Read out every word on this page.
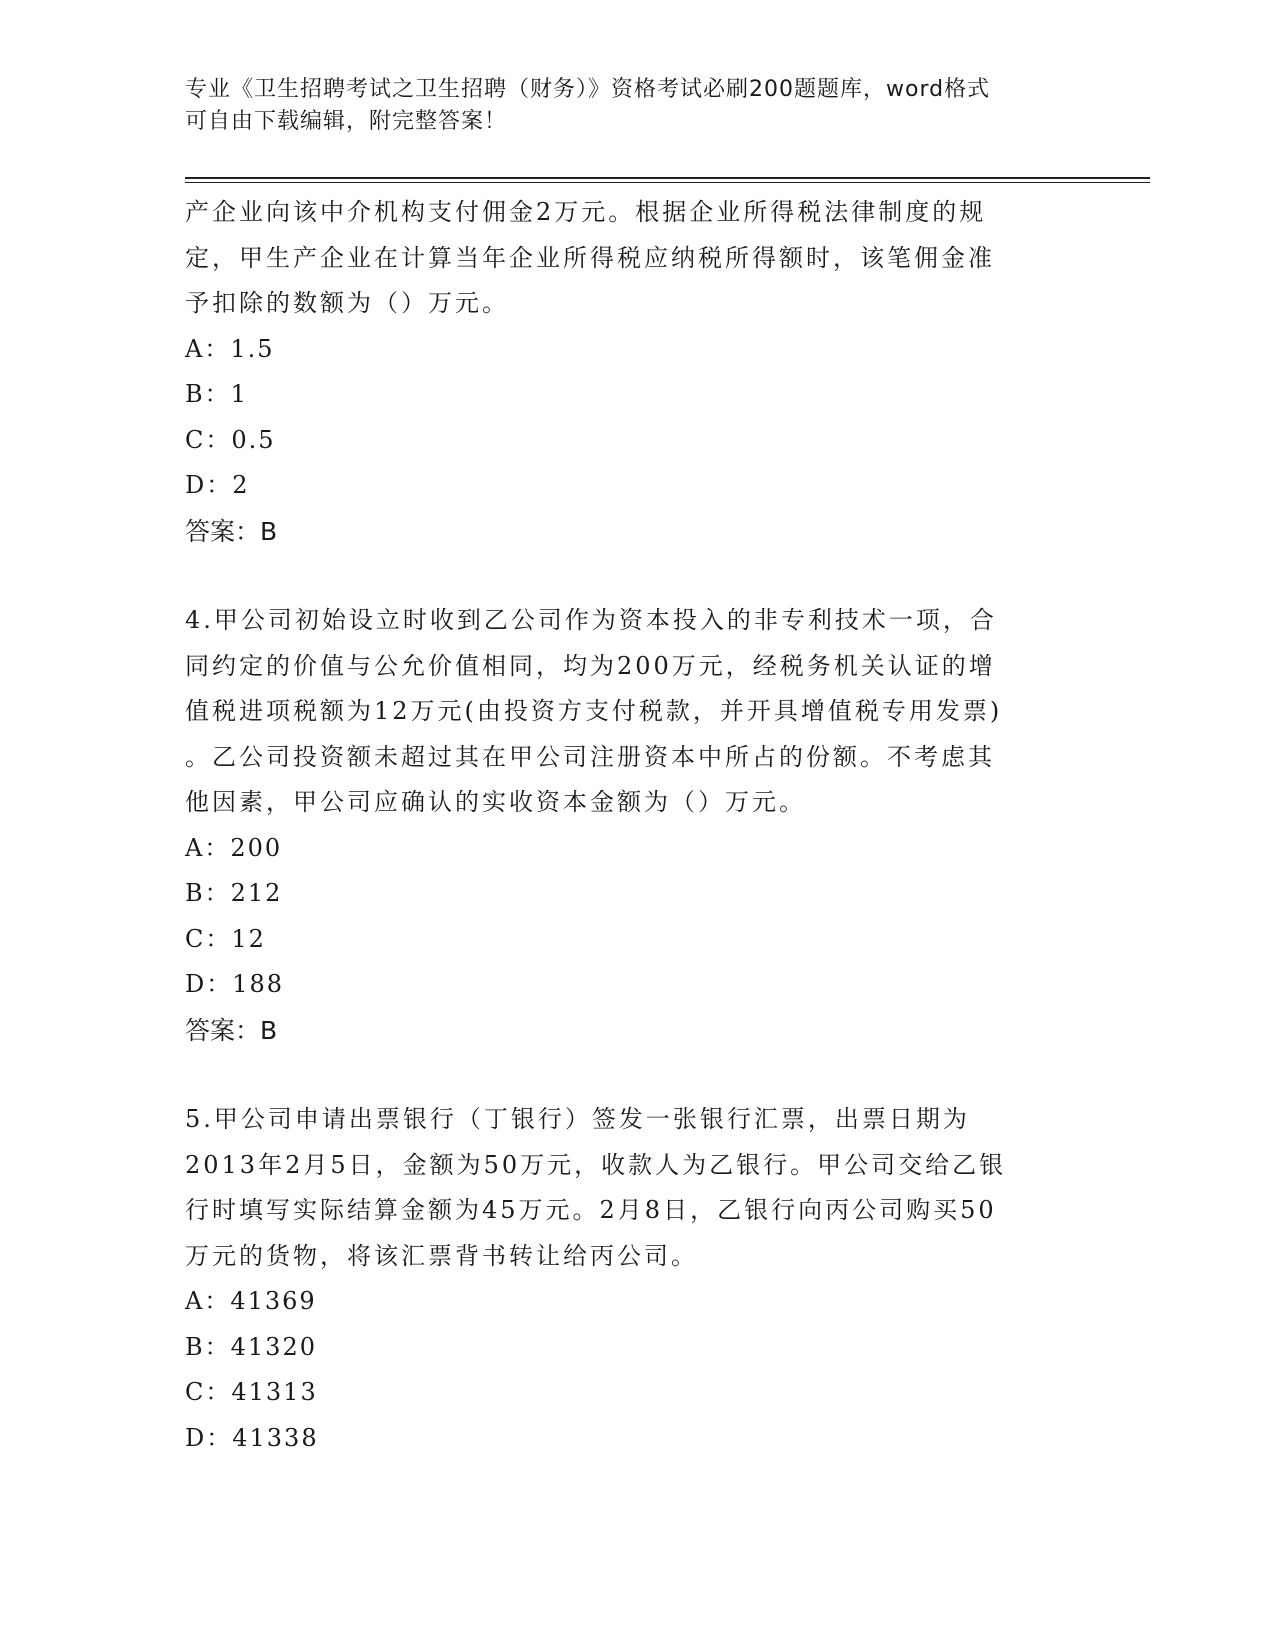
专业《卫生招聘考试之卫生招聘（财务）》资格考试必刷200题题库，word格式
可自由下载编辑，附完整答案！

产企业向该中介机构支付佣金2万元。根据企业所得税法律制度的规

定，甲生产企业在计算当年企业所得税应纳税所得额时，该笔佣金准

予扣除的数额为（）万元。

A：1.5

B：1

C：0.5

D：2

答案：B

4.甲公司初始设立时收到乙公司作为资本投入的非专利技术一项，合

同约定的价值与公允价值相同，均为200万元，经税务机关认证的增

值税进项税额为12万元(由投资方支付税款，并开具增值税专用发票)

。乙公司投资额未超过其在甲公司注册资本中所占的份额。不考虑其

他因素，甲公司应确认的实收资本金额为（）万元。

A：200

B：212

C：12

D：188

答案：B

5.甲公司申请出票银行（丁银行）签发一张银行汇票，出票日期为

2013年2月5日，金额为50万元，收款人为乙银行。甲公司交给乙银

行时填写实际结算金额为45万元。2月8日，乙银行向丙公司购买50

万元的货物，将该汇票背书转让给丙公司。

A：41369

B：41320

C：41313

D：41338
